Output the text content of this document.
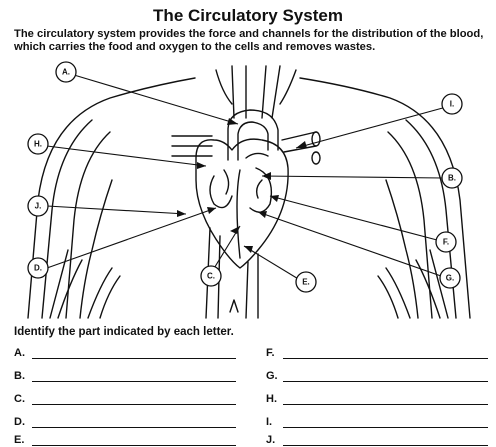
The Circulatory System
The circulatory system provides the force and channels for the distribution of the blood, which carries the food and oxygen to the cells and removes wastes.
A.
I.
H.
B.
J.
F.
D.
G.
C.
E.
Identify the part indicated by each letter.
A.
B.
C.
D.
E.
F.
G.
H.
I.
J.
